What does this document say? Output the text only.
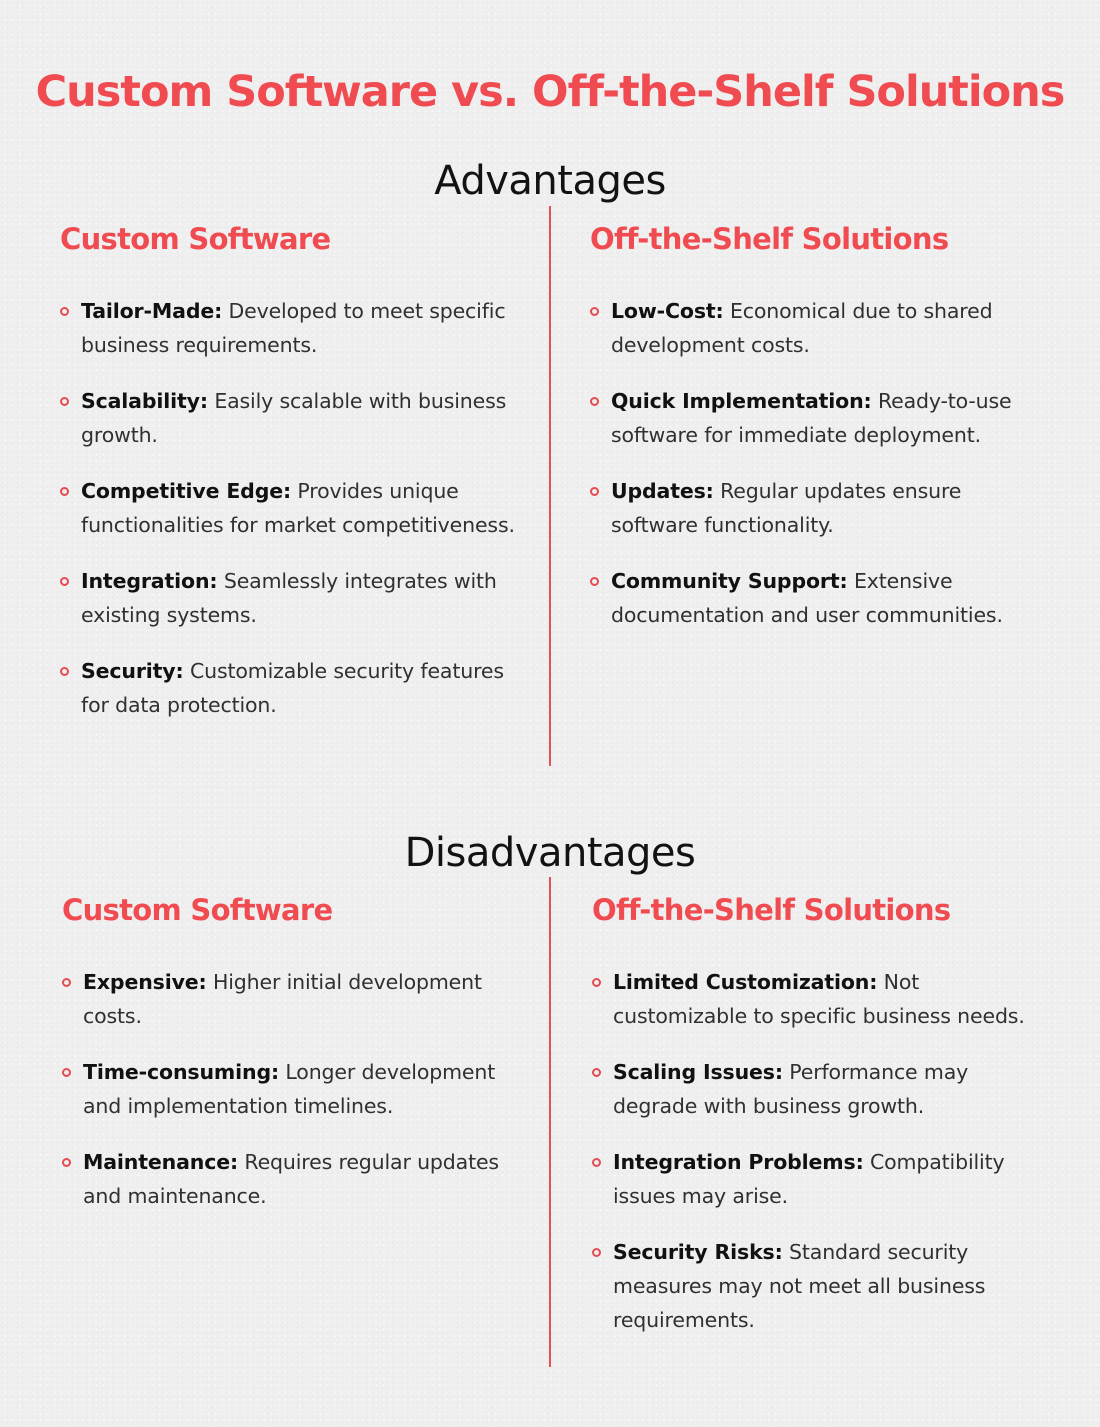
Custom Software vs. Off-the-Shelf Solutions
Advantages
Custom Software
Tailor-Made: Developed to meet specific business requirements.
Scalability: Easily scalable with business growth.
Competitive Edge: Provides unique functionalities for market competitiveness.
Integration: Seamlessly integrates with existing systems.
Security: Customizable security features for data protection.
Off-the-Shelf Solutions
Low-Cost: Economical due to shared development costs.
Quick Implementation: Ready-to-use software for immediate deployment.
Updates: Regular updates ensure software functionality.
Community Support: Extensive documentation and user communities.
Disadvantages
Custom Software
Expensive: Higher initial development costs.
Time-consuming: Longer development and implementation timelines.
Maintenance: Requires regular updates and maintenance.
Off-the-Shelf Solutions
Limited Customization: Not customizable to specific business needs.
Scaling Issues: Performance may degrade with business growth.
Integration Problems: Compatibility issues may arise.
Security Risks: Standard security measures may not meet all business requirements.
